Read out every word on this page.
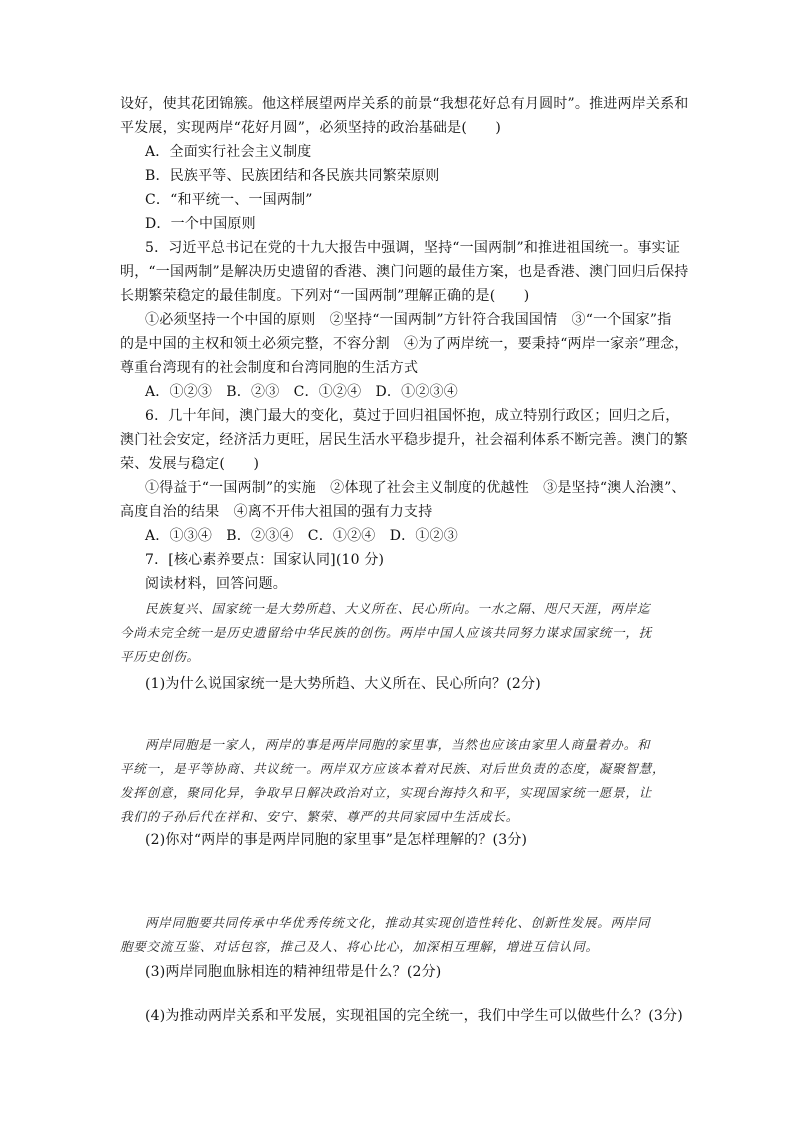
设好，使其花团锦簇。他这样展望两岸关系的前景“我想花好总有月圆时”。推进两岸关系和
平发展，实现两岸“花好月圆”，必须坚持的政治基础是(　　)
A．全面实行社会主义制度
B．民族平等、民族团结和各民族共同繁荣原则
C．“和平统一、一国两制”
D．一个中国原则
5．习近平总书记在党的十九大报告中强调，坚持“一国两制”和推进祖国统一。事实证
明，“一国两制”是解决历史遗留的香港、澳门问题的最佳方案，也是香港、澳门回归后保持
长期繁荣稳定的最佳制度。下列对“一国两制”理解正确的是(　　)
①必须坚持一个中国的原则　②坚持“一国两制”方针符合我国国情　③“一个国家”指
的是中国的主权和领土必须完整，不容分割　④为了两岸统一，要秉持“两岸一家亲”理念，
尊重台湾现有的社会制度和台湾同胞的生活方式
A．①②③　B．②③　C．①②④　D．①②③④
6．几十年间，澳门最大的变化，莫过于回归祖国怀抱，成立特别行政区；回归之后，
澳门社会安定，经济活力更旺，居民生活水平稳步提升，社会福利体系不断完善。澳门的繁
荣、发展与稳定(　　)
①得益于“一国两制”的实施　②体现了社会主义制度的优越性　③是坚持“澳人治澳”、
高度自治的结果　④离不开伟大祖国的强有力支持
A．①③④　B．②③④　C．①②④　D．①②③
7．[核心素养要点：国家认同](10 分)
阅读材料，回答问题。
民族复兴、国家统一是大势所趋、大义所在、民心所向。一水之隔、咫尺天涯，两岸迄
今尚未完全统一是历史遗留给中华民族的创伤。两岸中国人应该共同努力谋求国家统一，抚
平历史创伤。
(1)为什么说国家统一是大势所趋、大义所在、民心所向？(2分)
两岸同胞是一家人，两岸的事是两岸同胞的家里事，当然也应该由家里人商量着办。和
平统一，是平等协商、共议统一。两岸双方应该本着对民族、对后世负责的态度，凝聚智慧，
发挥创意，聚同化异，争取早日解决政治对立，实现台海持久和平，实现国家统一愿景，让
我们的子孙后代在祥和、安宁、繁荣、尊严的共同家园中生活成长。
(2)你对“两岸的事是两岸同胞的家里事”是怎样理解的？(3分)
两岸同胞要共同传承中华优秀传统文化，推动其实现创造性转化、创新性发展。两岸同
胞要交流互鉴、对话包容，推己及人、将心比心，加深相互理解，增进互信认同。
(3)两岸同胞血脉相连的精神纽带是什么？(2分)
(4)为推动两岸关系和平发展，实现祖国的完全统一，我们中学生可以做些什么？(3分)
